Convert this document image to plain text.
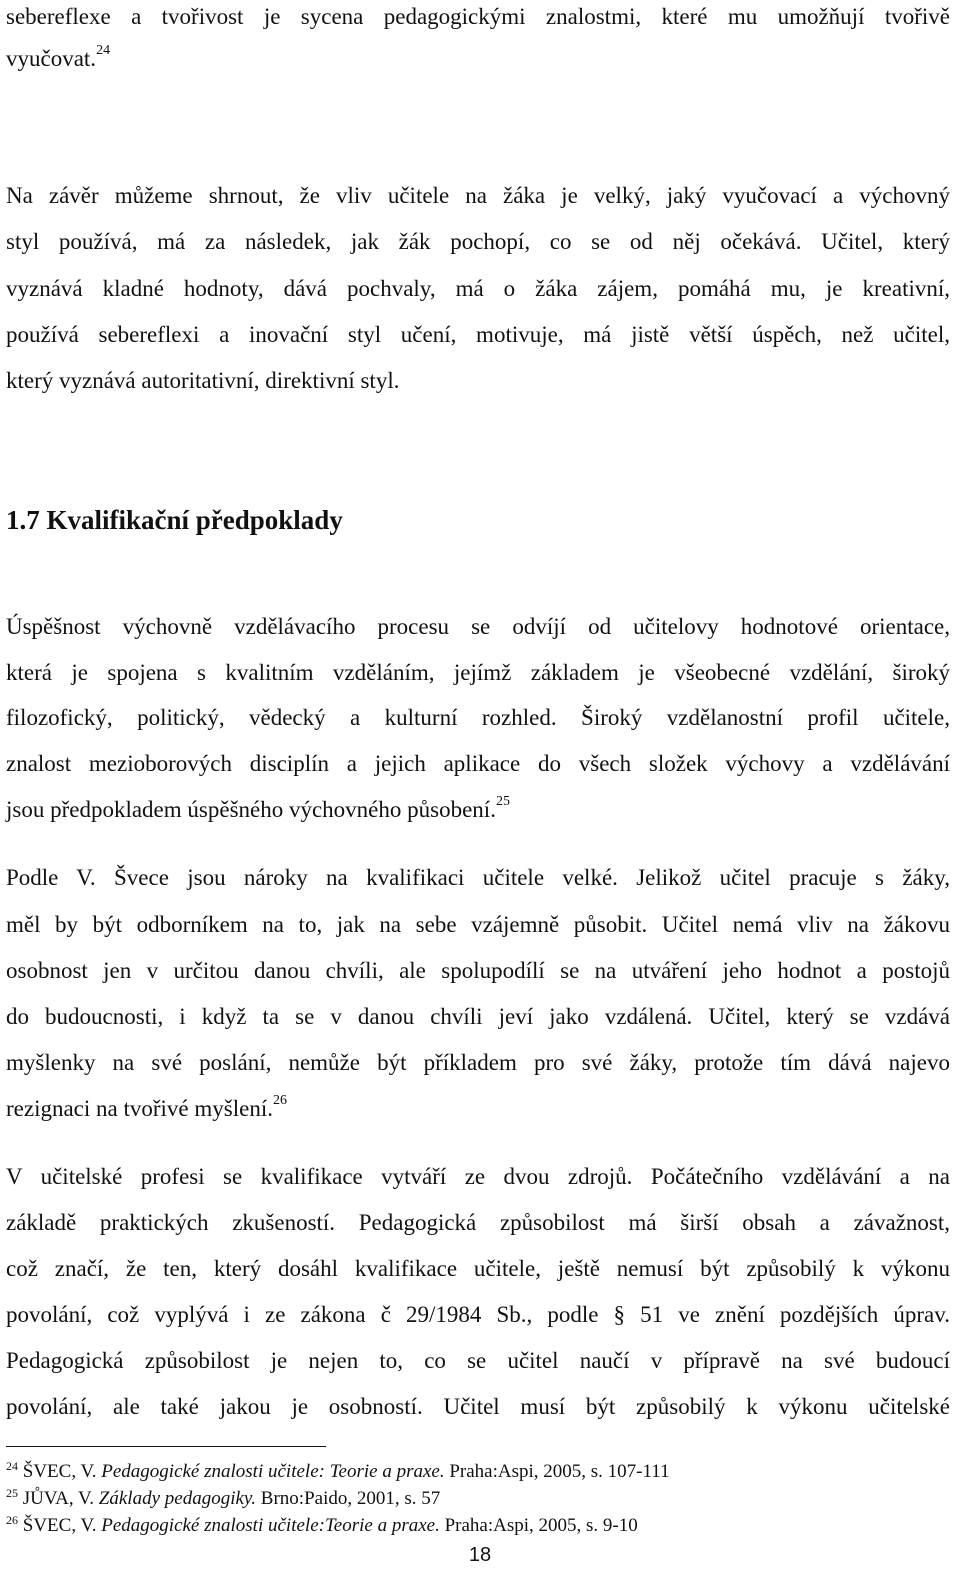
sebereflexe a tvořivost je sycena pedagogickými znalostmi, které mu umožňují tvořivě
vyučovat.$^{24}$
Na závěr můžeme shrnout, že vliv učitele na žáka je velký, jaký vyučovací a výchovný
styl používá, má za následek, jak žák pochopí, co se od něj očekává. Učitel, který
vyznává kladné hodnoty, dává pochvaly, má o žáka zájem, pomáhá mu, je kreativní,
používá sebereflexi a inovační styl učení, motivuje, má jistě větší úspěch, než učitel,
který vyznává autoritativní, direktivní styl.
1.7 Kvalifikační předpoklady
Úspěšnost výchovně vzdělávacího procesu se odvíjí od učitelovy hodnotové orientace,
která je spojena s kvalitním vzděláním, jejímž základem je všeobecné vzdělání, široký
filozofický, politický, vědecký a kulturní rozhled. Široký vzdělanostní profil učitele,
znalost mezioborových disciplín a jejich aplikace do všech složek výchovy a vzdělávání
jsou předpokladem úspěšného výchovného působení.$^{25}$
Podle V. Švece jsou nároky na kvalifikaci učitele velké. Jelikož učitel pracuje s žáky,
měl by být odborníkem na to, jak na sebe vzájemně působit. Učitel nemá vliv na žákovu
osobnost jen v určitou danou chvíli, ale spolupodílí se na utváření jeho hodnot a postojů
do budoucnosti, i když ta se v danou chvíli jeví jako vzdálená. Učitel, který se vzdává
myšlenky na své poslání, nemůže být příkladem pro své žáky, protože tím dává najevo
rezignaci na tvořivé myšlení.$^{26}$
V učitelské profesi se kvalifikace vytváří ze dvou zdrojů. Počátečního vzdělávání a na
základě praktických zkušeností. Pedagogická způsobilost má širší obsah a závažnost,
což značí, že ten, který dosáhl kvalifikace učitele, ještě nemusí být způsobilý k výkonu
povolání, což vyplývá i ze zákona č 29/1984 Sb., podle § 51 ve znění pozdějších úprav.
Pedagogická způsobilost je nejen to, co se učitel naučí v přípravě na své budoucí
povolání, ale také jakou je osobností. Učitel musí být způsobilý k výkonu učitelské
$^{24}$ ŠVEC, V. Pedagogické znalosti učitele: Teorie a praxe. Praha:Aspi, 2005, s. 107-111
$^{25}$ JŮVA, V. Základy pedagogiky. Brno:Paido, 2001, s. 57
$^{26}$ ŠVEC, V. Pedagogické znalosti učitele:Teorie a praxe. Praha:Aspi, 2005, s. 9-10
18
